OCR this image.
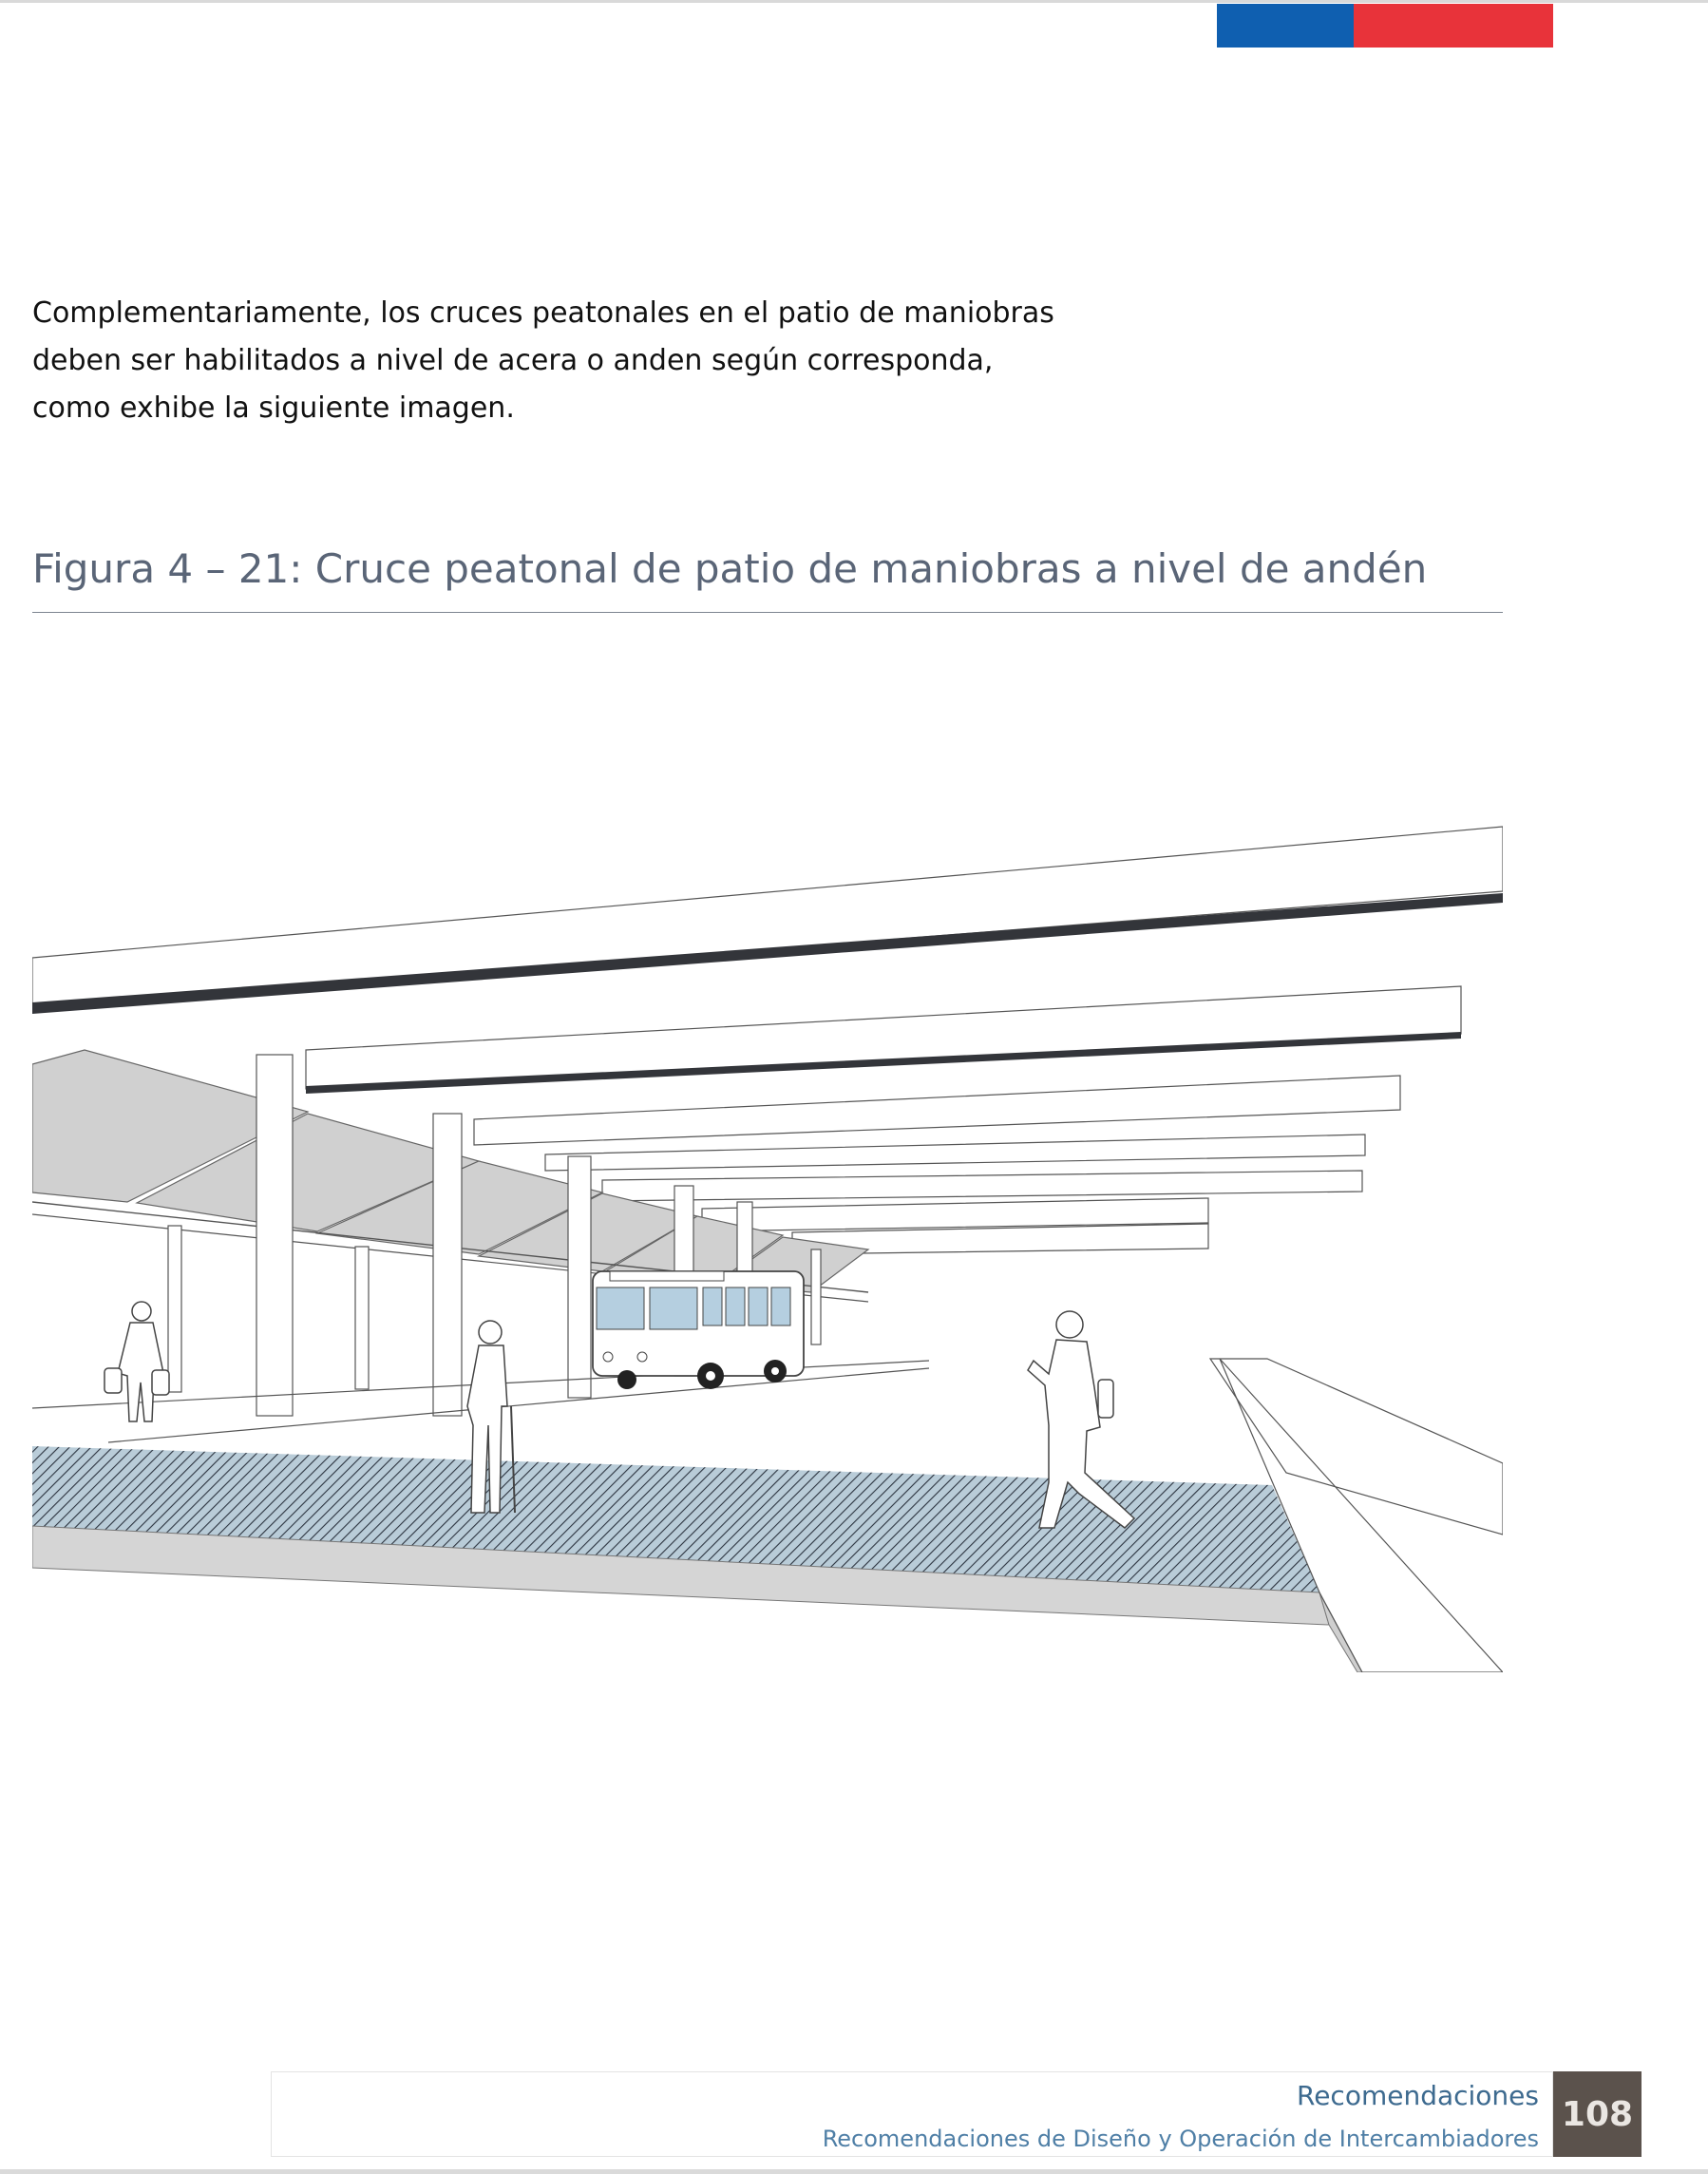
Complementariamente, los cruces peatonales en el patio de maniobras deben ser habilitados a nivel de acera o anden según corresponda, como exhibe la siguiente imagen.

Figura 4 – 21: Cruce peatonal de patio de maniobras a nivel de andén
Recomendaciones
Recomendaciones de Diseño y Operación de Intercambiadores
108
